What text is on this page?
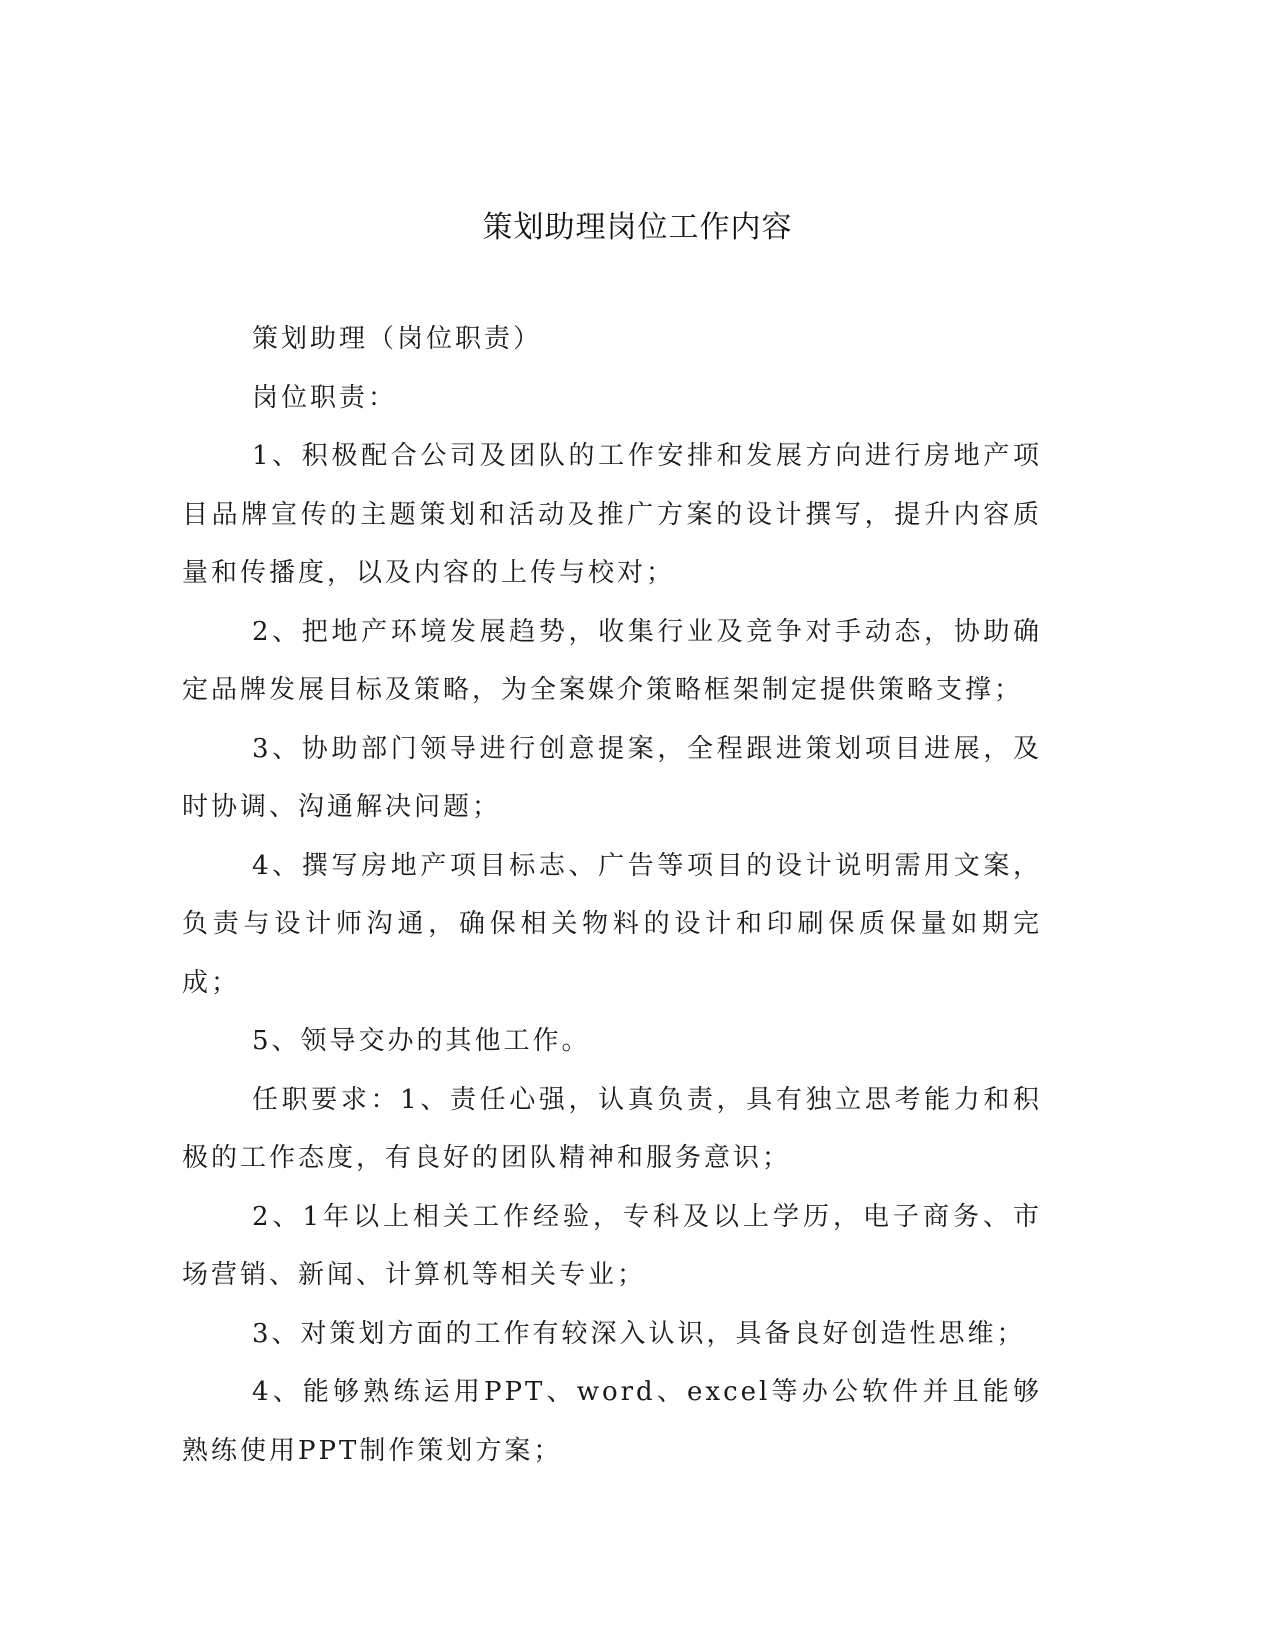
策划助理岗位工作内容

策划助理（岗位职责）

岗位职责：

1、积极配合公司及团队的工作安排和发展方向进行房地产项目品牌宣传的主题策划和活动及推广方案的设计撰写，提升内容质量和传播度，以及内容的上传与校对；

2、把地产环境发展趋势，收集行业及竞争对手动态，协助确定品牌发展目标及策略，为全案媒介策略框架制定提供策略支撑；

3、协助部门领导进行创意提案，全程跟进策划项目进展，及时协调、沟通解决问题；

4、撰写房地产项目标志、广告等项目的设计说明需用文案，负责与设计师沟通，确保相关物料的设计和印刷保质保量如期完成；

5、领导交办的其他工作。

任职要求：1、责任心强，认真负责，具有独立思考能力和积极的工作态度，有良好的团队精神和服务意识；

2、1年以上相关工作经验，专科及以上学历，电子商务、市场营销、新闻、计算机等相关专业；

3、对策划方面的工作有较深入认识，具备良好创造性思维；

4、能够熟练运用PPT、word、excel等办公软件并且能够熟练使用PPT制作策划方案；
